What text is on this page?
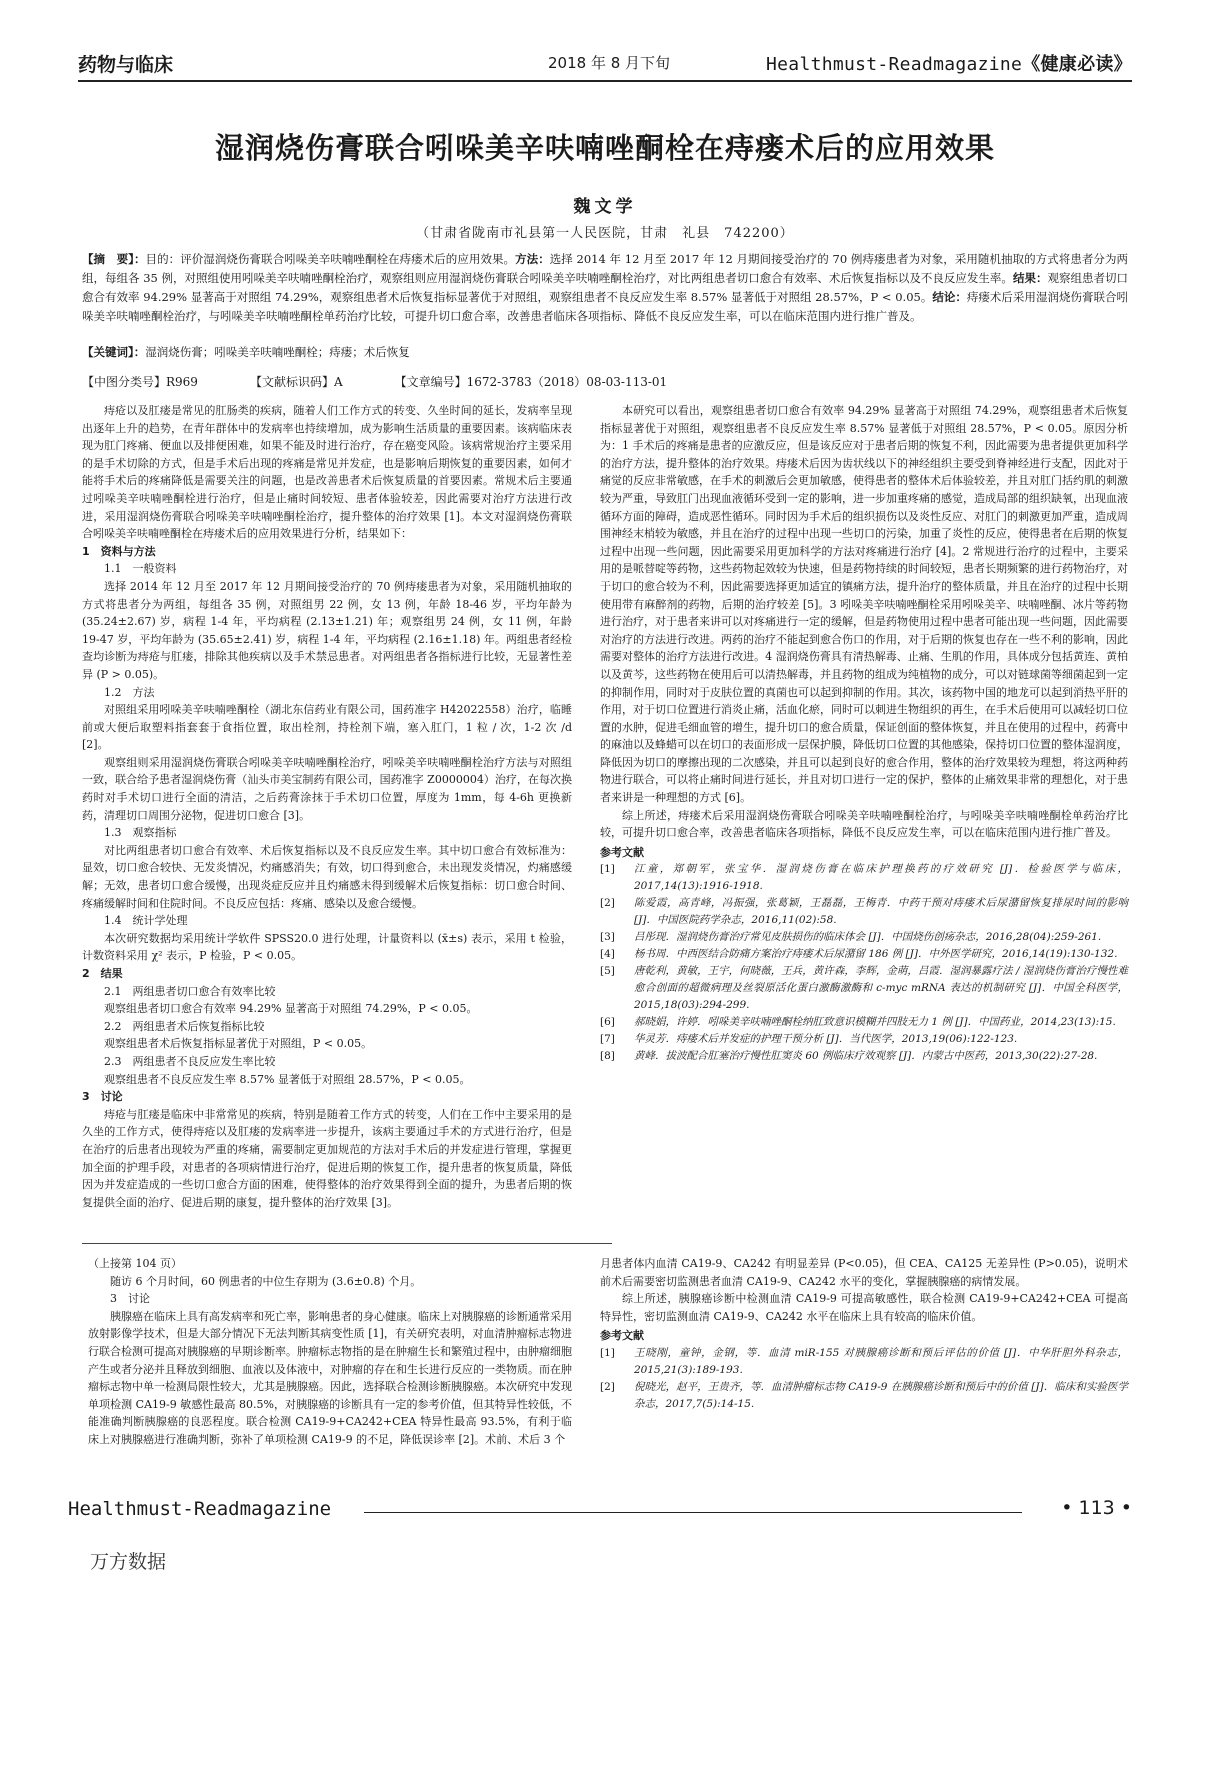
药物与临床	2018 年 8 月下旬	Healthmust-Readmagazine《健康必读》
湿润烧伤膏联合吲哚美辛呋喃唑酮栓在痔瘘术后的应用效果
魏文学
（甘肃省陇南市礼县第一人民医院，甘肃　礼县　742200）
【摘　要】：目的：评价湿润烧伤膏联合吲哚美辛呋喃唑酮栓在痔瘘术后的应用效果。方法：选择 2014 年 12 月至 2017 年 12 月期间接受治疗的 70 例痔瘘患者为对象，采用随机抽取的方式将患者分为两组，每组各 35 例，对照组使用吲哚美辛呋喃唑酮栓治疗，观察组则应用湿润烧伤膏联合吲哚美辛呋喃唑酮栓治疗，对比两组患者切口愈合有效率、术后恢复指标以及不良反应发生率。结果：观察组患者切口愈合有效率 94.29% 显著高于对照组 74.29%，观察组患者术后恢复指标显著优于对照组，观察组患者不良反应发生率 8.57% 显著低于对照组 28.57%，P < 0.05。结论：痔瘘术后采用湿润烧伤膏联合吲哚美辛呋喃唑酮栓治疗，与吲哚美辛呋喃唑酮栓单药治疗比较，可提升切口愈合率，改善患者临床各项指标、降低不良反应发生率，可以在临床范围内进行推广普及。
【关键词】：湿润烧伤膏；吲哚美辛呋喃唑酮栓；痔瘘；术后恢复
【中图分类号】R969	【文献标识码】A	【文章编号】1672-3783（2018）08-03-113-01

痔疮以及肛瘘是常见的肛肠类的疾病，随着人们工作方式的转变、久坐时间的延长，发病率呈现出逐年上升的趋势，在青年群体中的发病率也持续增加，成为影响生活质量的重要因素。该病临床表现为肛门疼痛、便血以及排便困难，如果不能及时进行治疗，存在癌变风险。该病常规治疗主要采用的是手术切除的方式，但是手术后出现的疼痛是常见并发症，也是影响后期恢复的重要因素，如何才能将手术后的疼痛降低是需要关注的问题，也是改善患者术后恢复质量的首要因素。常规术后主要通过吲哚美辛呋喃唑酮栓进行治疗，但是止痛时间较短、患者体验较差，因此需要对治疗方法进行改进，采用湿润烧伤膏联合吲哚美辛呋喃唑酮栓治疗，提升整体的治疗效果 [1]。本文对湿润烧伤膏联合吲哚美辛呋喃唑酮栓在痔瘘术后的应用效果进行分析，结果如下：

1　资料与方法

1.1　一般资料

选择 2014 年 12 月至 2017 年 12 月期间接受治疗的 70 例痔瘘患者为对象，采用随机抽取的方式将患者分为两组，每组各 35 例，对照组男 22 例，女 13 例，年龄 18-46 岁，平均年龄为 (35.24±2.67) 岁，病程 1-4 年，平均病程 (2.13±1.21) 年；观察组男 24 例，女 11 例，年龄 19-47 岁，平均年龄为 (35.65±2.41) 岁，病程 1-4 年，平均病程 (2.16±1.18) 年。两组患者经检查均诊断为痔疮与肛瘘，排除其他疾病以及手术禁忌患者。对两组患者各指标进行比较，无显著性差异 (P > 0.05)。

1.2　方法

对照组采用吲哚美辛呋喃唑酮栓（湖北东信药业有限公司，国药准字 H42022558）治疗，临睡前或大便后取塑料指套套于食指位置，取出栓剂，持栓剂下端，塞入肛门，1 粒 / 次，1-2 次 /d [2]。

观察组则采用湿润烧伤膏联合吲哚美辛呋喃唑酮栓治疗，吲哚美辛呋喃唑酮栓治疗方法与对照组一致，联合给予患者湿润烧伤膏（汕头市美宝制药有限公司，国药准字 Z0000004）治疗，在每次换药时对手术切口进行全面的清洁，之后药膏涂抹于手术切口位置，厚度为 1mm，每 4-6h 更换新药，清理切口周围分泌物，促进切口愈合 [3]。

1.3　观察指标

对比两组患者切口愈合有效率、术后恢复指标以及不良反应发生率。其中切口愈合有效标准为：显效，切口愈合较快、无发炎情况，灼痛感消失；有效，切口得到愈合，未出现发炎情况，灼痛感缓解；无效，患者切口愈合缓慢，出现炎症反应并且灼痛感未得到缓解术后恢复指标：切口愈合时间、疼痛缓解时间和住院时间。不良反应包括：疼痛、感染以及愈合缓慢。

1.4　统计学处理

本次研究数据均采用统计学软件 SPSS20.0 进行处理，计量资料以 (x̄±s) 表示，采用 t 检验，计数资料采用 χ² 表示，P 检验，P < 0.05。

2　结果

2.1　两组患者切口愈合有效率比较

观察组患者切口愈合有效率 94.29% 显著高于对照组 74.29%，P < 0.05。

2.2　两组患者术后恢复指标比较

观察组患者术后恢复指标显著优于对照组，P < 0.05。

2.3　两组患者不良反应发生率比较

观察组患者不良反应发生率 8.57% 显著低于对照组 28.57%，P < 0.05。

3　讨论

痔疮与肛瘘是临床中非常常见的疾病，特别是随着工作方式的转变，人们在工作中主要采用的是久坐的工作方式，使得痔疮以及肛瘘的发病率进一步提升，该病主要通过手术的方式进行治疗，但是在治疗的后患者出现较为严重的疼痛，需要制定更加规范的方法对手术后的并发症进行管理，掌握更加全面的护理手段，对患者的各项病情进行治疗，促进后期的恢复工作，提升患者的恢复质量，降低因为并发症造成的一些切口愈合方面的困难，使得整体的治疗效果得到全面的提升，为患者后期的恢复提供全面的治疗、促进后期的康复，提升整体的治疗效果 [3]。

本研究可以看出，观察组患者切口愈合有效率 94.29% 显著高于对照组 74.29%，观察组患者术后恢复指标显著优于对照组，观察组患者不良反应发生率 8.57% 显著低于对照组 28.57%，P < 0.05。原因分析为：1 手术后的疼痛是患者的应激反应，但是该反应对于患者后期的恢复不利，因此需要为患者提供更加科学的治疗方法，提升整体的治疗效果。痔瘘术后因为齿状线以下的神经组织主要受到脊神经进行支配，因此对于痛觉的反应非常敏感，在手术的刺激后会更加敏感，使得患者的整体术后体验较差，并且对肛门括约肌的刺激较为严重，导致肛门出现血液循环受到一定的影响，进一步加重疼痛的感觉，造成局部的组织缺氧，出现血液循环方面的障碍，造成恶性循环。同时因为手术后的组织损伤以及炎性反应、对肛门的刺激更加严重，造成周围神经末梢较为敏感，并且在治疗的过程中出现一些切口的污染，加重了炎性的反应，使得患者在后期的恢复过程中出现一些问题，因此需要采用更加科学的方法对疼痛进行治疗 [4]。2 常规进行治疗的过程中，主要采用的是哌替啶等药物，这些药物起效较为快速，但是药物持续的时间较短，患者长期频繁的进行药物治疗，对于切口的愈合较为不利，因此需要选择更加适宜的镇痛方法，提升治疗的整体质量，并且在治疗的过程中长期使用带有麻醉剂的药物，后期的治疗较差 [5]。3 吲哚美辛呋喃唑酮栓采用吲哚美辛、呋喃唑酮、冰片等药物进行治疗，对于患者来讲可以对疼痛进行一定的缓解，但是药物使用过程中患者可能出现一些问题，因此需要对治疗的方法进行改进。两药的治疗不能起到愈合伤口的作用，对于后期的恢复也存在一些不利的影响，因此需要对整体的治疗方法进行改进。4 湿润烧伤膏具有清热解毒、止痛、生肌的作用，具体成分包括黄连、黄柏以及黄芩，这些药物在使用后可以清热解毒，并且药物的组成为纯植物的成分，可以对链球菌等细菌起到一定的抑制作用，同时对于皮肤位置的真菌也可以起到抑制的作用。其次，该药物中国的地龙可以起到消热平肝的作用，对于切口位置进行消炎止痛，活血化瘀，同时可以刺进生物组织的再生，在手术后使用可以减轻切口位置的水肿，促进毛细血管的增生，提升切口的愈合质量，保证创面的整体恢复，并且在使用的过程中，药膏中的麻油以及蜂蜡可以在切口的表面形成一层保护膜，降低切口位置的其他感染，保持切口位置的整体湿润度，降低因为切口的摩擦出现的二次感染，并且可以起到良好的愈合作用，整体的治疗效果较为理想，将这两种药物进行联合，可以将止痛时间进行延长，并且对切口进行一定的保护，整体的止痛效果非常的理想化，对于患者来讲是一种理想的方式 [6]。

综上所述，痔瘘术后采用湿润烧伤膏联合吲哚美辛呋喃唑酮栓治疗，与吲哚美辛呋喃唑酮栓单药治疗比较，可提升切口愈合率，改善患者临床各项指标，降低不良反应发生率，可以在临床范围内进行推广普及。

参考文献

[1]	江童，郑朝军，张宝华．湿润烧伤膏在临床护理换药的疗效研究 [J]．检验医学与临床，2017,14(13):1916-1918.
[2]	陈爱霞，高青峰，冯振强，张葛颖，王磊磊，王梅青．中药干预对痔瘘术后尿潴留恢复排尿时间的影响 [J]．中国医院药学杂志，2016,11(02):58.
[3]	吕彤现．湿润烧伤膏治疗常见皮肤损伤的临床体会 [J]．中国烧伤创疡杂志，2016,28(04):259-261.
[4]	杨书周．中西医结合防痛方案治疗痔瘘术后尿潴留 186 例 [J]．中外医学研究，2016,14(19):130-132.
[5]	唐乾利，黄敏，王宇，何晓薇，王兵，黄许森，李辉，金萌，吕霞．湿润暴露疗法 / 湿润烧伤膏治疗慢性难愈合创面的超微病理及丝裂原活化蛋白激酶激酶和 c-myc mRNA 表达的机制研究 [J]．中国全科医学，2015,18(03):294-299.
[6]	郝晓娟，许婷．吲哚美辛呋喃唑酮栓纳肛致意识模糊并四肢无力 1 例 [J]．中国药业，2014,23(13):15.
[7]	华灵芳．痔瘘术后并发症的护理干预分析 [J]．当代医学，2013,19(06):122-123.
[8]	黄峰．拔波配合肛塞治疗慢性肛窦炎 60 例临床疗效观察 [J]．内蒙古中医药，2013,30(22):27-28.

（上接第 104 页）

随访 6 个月时间，60 例患者的中位生存期为 (3.6±0.8) 个月。

3　讨论

胰腺癌在临床上具有高发病率和死亡率，影响患者的身心健康。临床上对胰腺癌的诊断通常采用放射影像学技术，但是大部分情况下无法判断其病变性质 [1]，有关研究表明，对血清肿瘤标志物进行联合检测可提高对胰腺癌的早期诊断率。肿瘤标志物指的是在肿瘤生长和繁殖过程中，由肿瘤细胞产生或者分泌并且释放到细胞、血液以及体液中，对肿瘤的存在和生长进行反应的一类物质。而在肿瘤标志物中单一检测局限性较大，尤其是胰腺癌。因此，选择联合检测诊断胰腺癌。本次研究中发现单项检测 CA19-9 敏感性最高 80.5%，对胰腺癌的诊断具有一定的参考价值，但其特异性较低，不能准确判断胰腺癌的良恶程度。联合检测 CA19-9+CA242+CEA 特异性最高 93.5%，有利于临床上对胰腺癌进行准确判断，弥补了单项检测 CA19-9 的不足，降低误诊率 [2]。术前、术后 3 个

月患者体内血清 CA19-9、CA242 有明显差异 (P<0.05)，但 CEA、CA125 无差异性 (P>0.05)，说明术前术后需要密切监测患者血清 CA19-9、CA242 水平的变化，掌握胰腺癌的病情发展。

综上所述，胰腺癌诊断中检测血清 CA19-9 可提高敏感性，联合检测 CA19-9+CA242+CEA 可提高特异性，密切监测血清 CA19-9、CA242 水平在临床上具有较高的临床价值。

参考文献

[1]	王晓刚，童钟，金钢，等．血清 miR-155 对胰腺癌诊断和预后评估的价值 [J]．中华肝胆外科杂志，2015,21(3):189-193.
[2]	倪晓光，赵平，王贵齐，等．血清肿瘤标志物 CA19-9 在胰腺癌诊断和预后中的价值 [J]．临床和实验医学杂志，2017,7(5):14-15.
Healthmust-Readmagazine	• 113 •
万方数据
